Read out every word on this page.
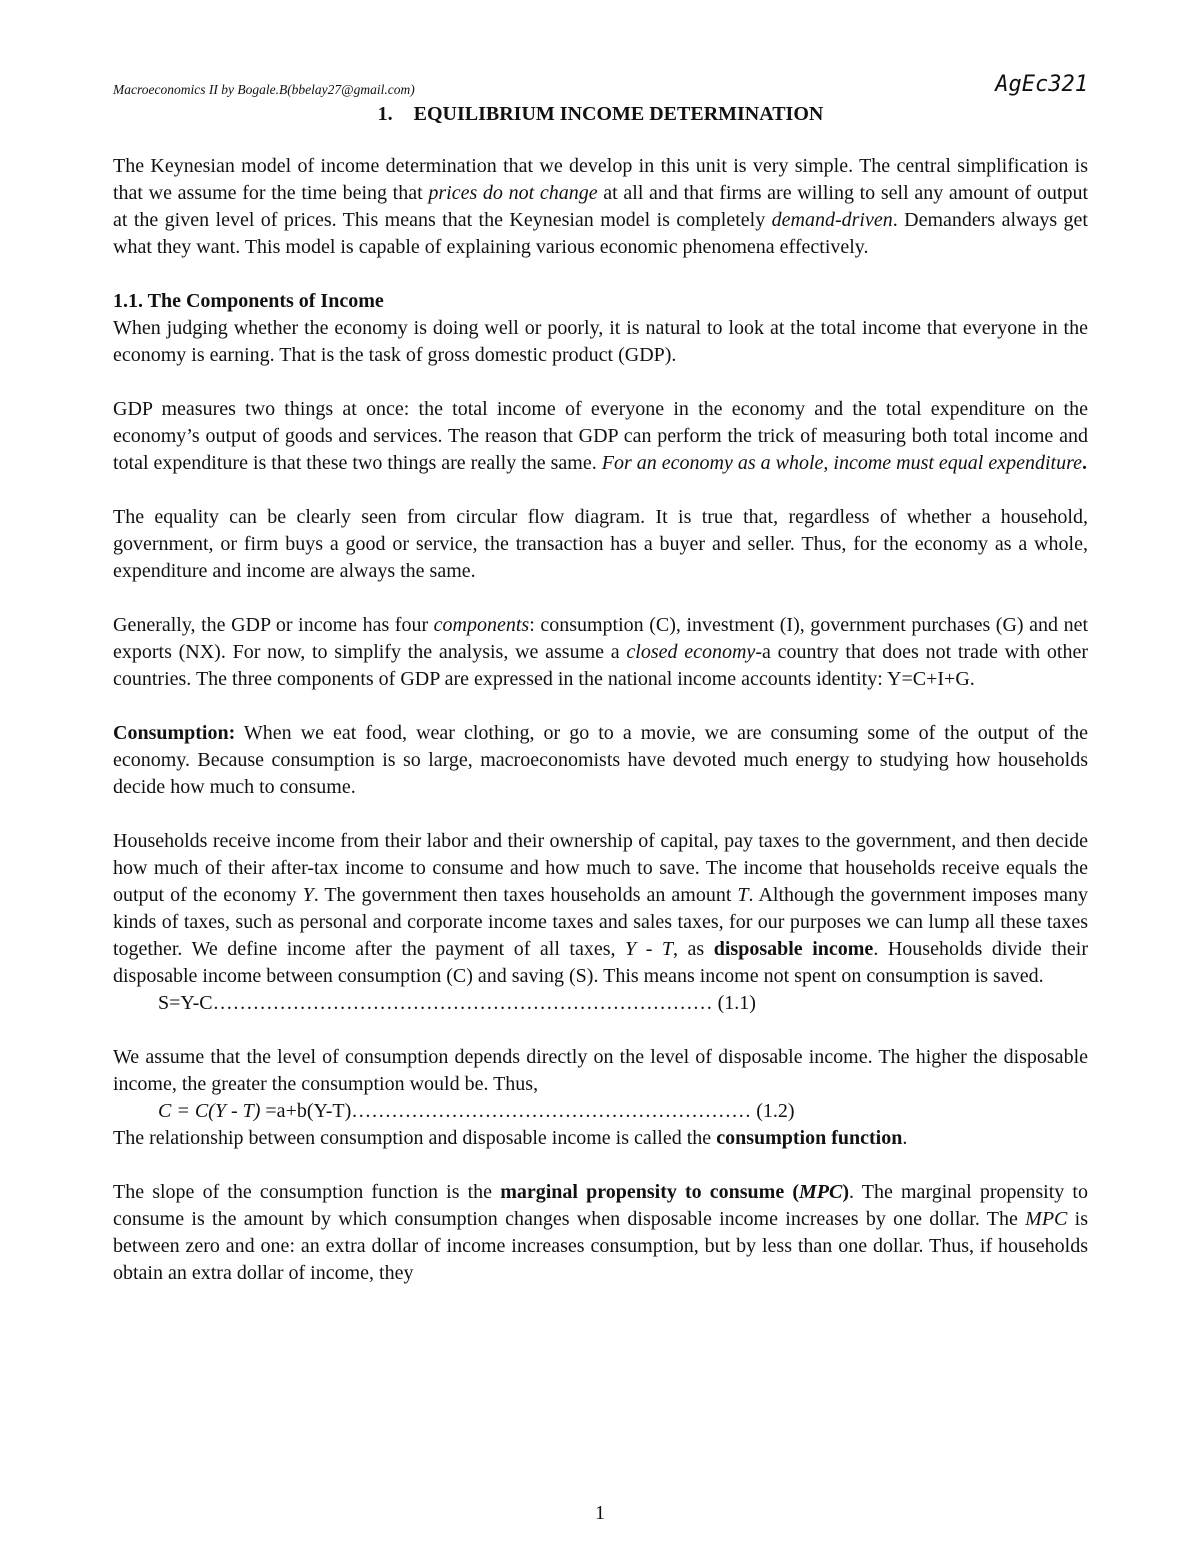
Macroeconomics II by Bogale.B(bbelay27@gmail.com)	AgEc321
1. EQUILIBRIUM INCOME DETERMINATION

The Keynesian model of income determination that we develop in this unit is very simple. The central simplification is that we assume for the time being that prices do not change at all and that firms are willing to sell any amount of output at the given level of prices. This means that the Keynesian model is completely demand-driven. Demanders always get what they want. This model is capable of explaining various economic phenomena effectively.

1.1. The Components of Income

When judging whether the economy is doing well or poorly, it is natural to look at the total income that everyone in the economy is earning. That is the task of gross domestic product (GDP).

GDP measures two things at once: the total income of everyone in the economy and the total expenditure on the economy’s output of goods and services. The reason that GDP can perform the trick of measuring both total income and total expenditure is that these two things are really the same. For an economy as a whole, income must equal expenditure.

The equality can be clearly seen from circular flow diagram. It is true that, regardless of whether a household, government, or firm buys a good or service, the transaction has a buyer and seller. Thus, for the economy as a whole, expenditure and income are always the same.

Generally, the GDP or income has four components: consumption (C), investment (I), government purchases (G) and net exports (NX). For now, to simplify the analysis, we assume a closed economy-a country that does not trade with other countries. The three components of GDP are expressed in the national income accounts identity: Y=C+I+G.

Consumption: When we eat food, wear clothing, or go to a movie, we are consuming some of the output of the economy. Because consumption is so large, macroeconomists have devoted much energy to studying how households decide how much to consume.

Households receive income from their labor and their ownership of capital, pay taxes to the government, and then decide how much of their after-tax income to consume and how much to save. The income that households receive equals the output of the economy Y. The government then taxes households an amount T. Although the government imposes many kinds of taxes, such as personal and corporate income taxes and sales taxes, for our purposes we can lump all these taxes together. We define income after the payment of all taxes, Y - T, as disposable income. Households divide their disposable income between consumption (C) and saving (S). This means income not spent on consumption is saved.

S=Y-C………………………………………………………………… (1.1)

We assume that the level of consumption depends directly on the level of disposable income. The higher the disposable income, the greater the consumption would be. Thus,

C = C(Y - T) =a+b(Y-T)…………………………………………………… (1.2)

The relationship between consumption and disposable income is called the consumption function.

The slope of the consumption function is the marginal propensity to consume (MPC). The marginal propensity to consume is the amount by which consumption changes when disposable income increases by one dollar. The MPC is between zero and one: an extra dollar of income increases consumption, but by less than one dollar. Thus, if households obtain an extra dollar of income, they

1
